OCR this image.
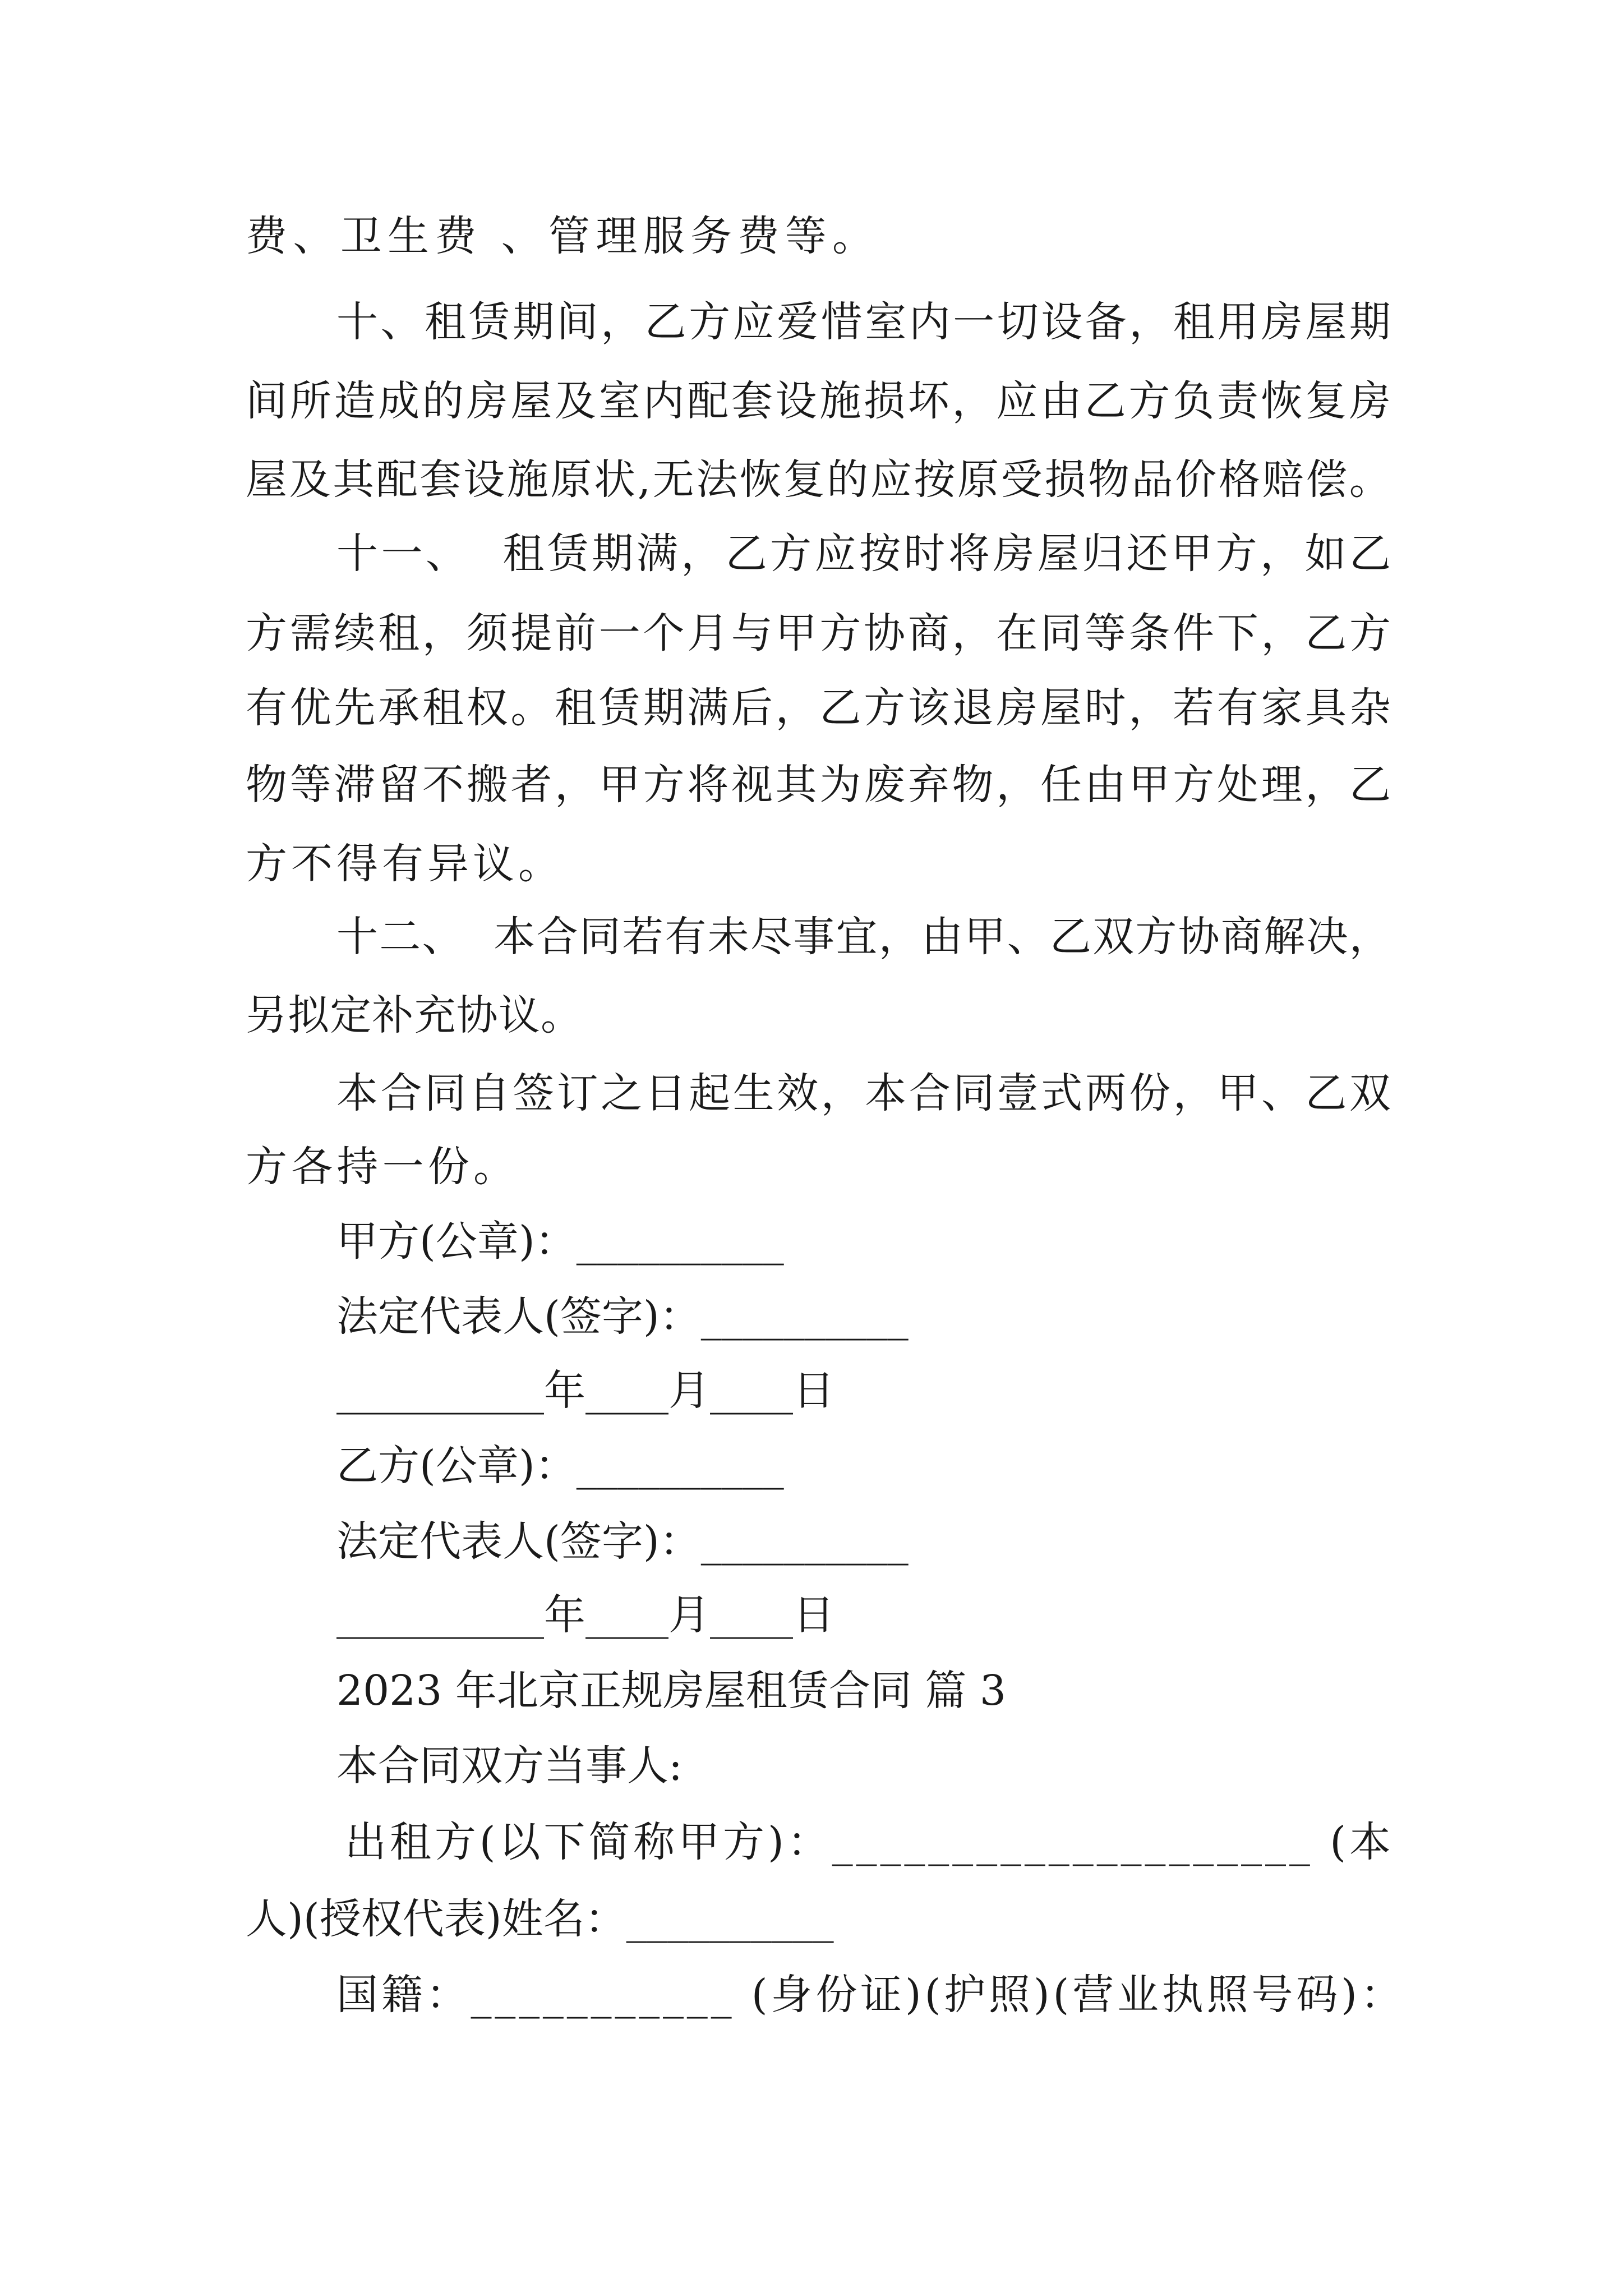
费 、 卫 生 费
、 管 理 服 务 费 等 。
十 、 租 赁 期 间 ， 乙 方 应 爱 惜 室 内 一 切 设 备 ， 租 用 房 屋 期
间 所 造 成 的 房 屋 及 室 内 配 套 设 施 损 坏 ， 应 由 乙 方 负 责 恢 复 房
屋 及 其 配 套 设 施 原 状 , 无 法 恢 复 的 应 按 原 受 损 物 品 价 格 赔 偿 。
十 一 、

租 赁 期 满 ， 乙 方 应 按 时 将 房 屋 归 还 甲 方 ， 如 乙
方 需 续 租 ， 须 提 前 一 个 月 与 甲 方 协 商 ， 在 同 等 条 件 下 ， 乙 方
有 优 先 承 租 权 。 租 赁 期 满 后 ， 乙 方 该 退 房 屋 时 ， 若 有 家 具 杂
物 等 滞 留 不 搬 者 ， 甲 方 将 视 其 为 废 弃 物 ， 任 由 甲 方 处 理 ， 乙
方 不 得 有 异 议 。
十 二 、

本 合 同 若 有 未 尽 事 宜 ， 由 甲 、 乙 双 方 协 商 解 决 ，
另 拟 定 补 充 协 议 。
本 合 同 自 签 订 之 日 起 生 效 ， 本 合 同 壹 式 两 份 ， 甲 、 乙 双
方 各 持 一 份 。
甲方(公章)：__________
法定代表人(签字)：__________
__________年____月____日
乙方(公章)：__________
法定代表人(签字)：__________
__________年____月____日
2023 年北京正规房屋租赁合同 篇 3
本合同双方当事人:
出 租 方 ( 以 下 简 称 甲 方 ) ： _ _ _ _ _ _ _ _ _ _ _ _ _ _ _ _ _ _ _ _
( 本
人)(授权代表)姓名：__________
国 籍 ： _ _ _ _ _ _ _ _ _ _ _
( 身 份 证 ) ( 护 照 ) ( 营 业 执 照 号 码 ) ：
